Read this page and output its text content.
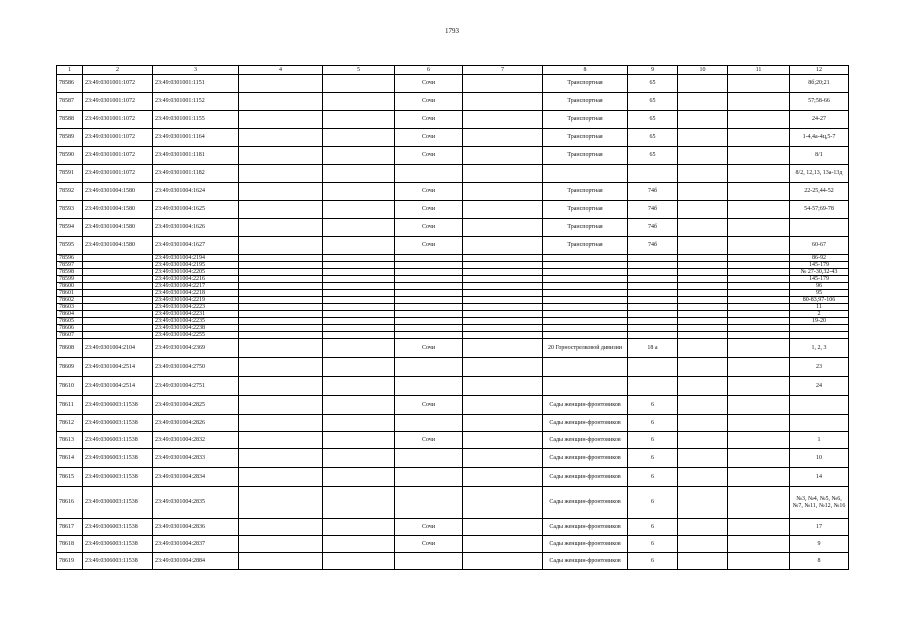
1793
1	2	3	4	5	6	7	8	9	10	11	12
78586	23:49:0301001:1072	23:49:0301001:1151			Сочи		Транспортная	65			8б;20;21
78587	23:49:0301001:1072	23:49:0301001:1152			Сочи		Транспортная	65			57;58-66
78588	23:49:0301001:1072	23:49:0301001:1155			Сочи		Транспортная	65			24-27
78589	23:49:0301001:1072	23:49:0301001:1164			Сочи		Транспортная	65			1-4,4а-4ц,5-7
78590	23:49:0301001:1072	23:49:0301001:1181			Сочи		Транспортная	65			8/1
78591	23:49:0301001:1072	23:49:0301001:1182									8/2, 12,13, 13а-13д
78592	23:49:0301004:1580	23:49:0301004:1624			Сочи		Транспортная	74б			22-25,44-52
78593	23:49:0301004:1580	23:49:0301004:1625			Сочи		Транспортная	74б			54-57;69-78
78594	23:49:0301004:1580	23:49:0301004:1626			Сочи		Транспортная	74б			
78595	23:49:0301004:1580	23:49:0301004:1627			Сочи		Транспортная	74б			60-67
78596		23:49:0301004:2194									86-92
78597		23:49:0301004:2195									145-179
78598		23:49:0301004:2205									№ 27-30,32-43
78599		23:49:0301004:2216									145-179
78600		23:49:0301004:2217									96
78601		23:49:0301004:2218									95
78602		23:49:0301004:2219									80-83,97-106
78603		23:49:0301004:2223									11
78604		23:49:0301004:2231									2
78605		23:49:0301004:2235									19-20
78606		23:49:0301004:2238									
78607		23:49:0301004:2255									
78608	23:49:0301004:2104	23:49:0301004:2369			Сочи		20 Горнострелковой дивизии	18 а			1, 2, 3
78609	23:49:0301004:2514	23:49:0301004:2750									23
78610	23:49:0301004:2514	23:49:0301004:2751									24
78611	23:49:0306003:11538	23:49:0301004:2825			Сочи		Сады женщин-фронтовиков	6			
78612	23:49:0306003:11538	23:49:0301004:2826					Сады женщин-фронтовиков	6			
78613	23:49:0306003:11538	23:49:0301004:2832			Сочи		Сады женщин-фронтовиков	6			1
78614	23:49:0306003:11538	23:49:0301004:2833					Сады женщин-фронтовиков	6			10
78615	23:49:0306003:11538	23:49:0301004:2834					Сады женщин-фронтовиков	6			14
78616	23:49:0306003:11538	23:49:0301004:2835					Сады женщин-фронтовиков	6			№3, №4, №5, №6, №7, №11, №12, №16
78617	23:49:0306003:11538	23:49:0301004:2836			Сочи		Сады женщин-фронтовиков	6			17
78618	23:49:0306003:11538	23:49:0301004:2837			Сочи		Сады женщин-фронтовиков	6			9
78619	23:49:0306003:11538	23:49:0301004:2884					Сады женщин-фронтовиков	6			8
